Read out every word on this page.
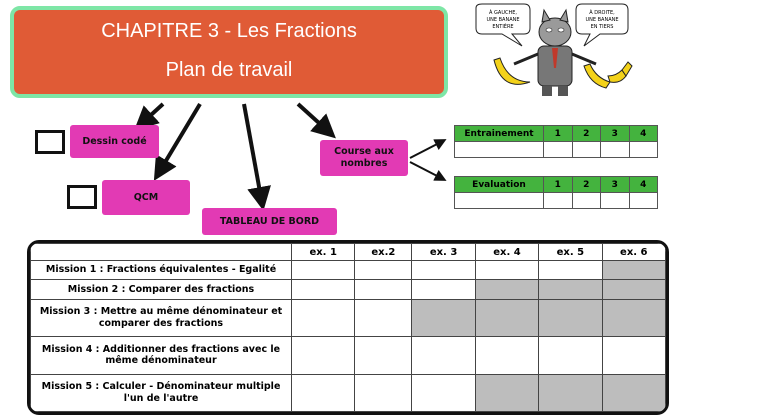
CHAPITRE 3 - Les Fractions
Plan de travail
À GAUCHE,
UNE BANANE
ENTIÈRE
À DROITE,
UNE BANANE
EN TIERS
Dessin codé
QCM
TABLEAU DE BORD
Course aux nombres
Entrainement	1	2	3	4

Evaluation	1	2	3	4

	ex. 1	ex.2	ex. 3	ex. 4	ex. 5	ex. 6
Mission 1 : Fractions équivalentes - Egalité						
Mission 2 : Comparer des fractions						
Mission 3 : Mettre au même dénominateur et comparer des fractions						
Mission 4 : Additionner des fractions avec le même dénominateur						
Mission 5 : Calculer - Dénominateur multiple l'un de l'autre						
